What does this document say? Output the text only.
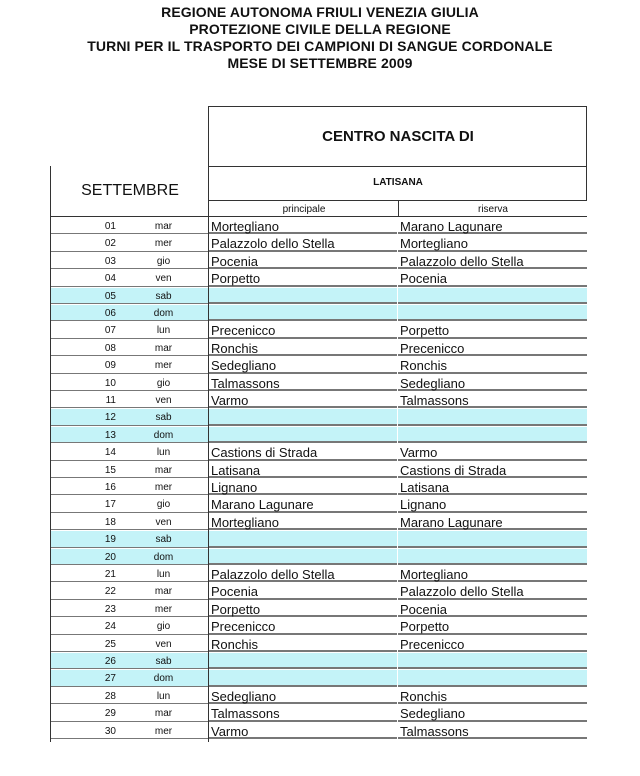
REGIONE AUTONOMA FRIULI VENEZIA GIULIA
PROTEZIONE CIVILE DELLA REGIONE
TURNI PER IL TRASPORTO DEI CAMPIONI DI SANGUE CORDONALE
MESE DI SETTEMBRE 2009
CENTRO NASCITA DI
SETTEMBRE	LATISANA
principale	riserva
01	mar	Mortegliano	Marano Lagunare
02	mer	Palazzolo dello Stella	Mortegliano
03	gio	Pocenia	Palazzolo dello Stella
04	ven	Porpetto	Pocenia
05	sab
06	dom
07	lun	Precenicco	Porpetto
08	mar	Ronchis	Precenicco
09	mer	Sedegliano	Ronchis
10	gio	Talmassons	Sedegliano
11	ven	Varmo	Talmassons
12	sab
13	dom
14	lun	Castions di Strada	Varmo
15	mar	Latisana	Castions di Strada
16	mer	Lignano	Latisana
17	gio	Marano Lagunare	Lignano
18	ven	Mortegliano	Marano Lagunare
19	sab
20	dom
21	lun	Palazzolo dello Stella	Mortegliano
22	mar	Pocenia	Palazzolo dello Stella
23	mer	Porpetto	Pocenia
24	gio	Precenicco	Porpetto
25	ven	Ronchis	Precenicco
26	sab
27	dom
28	lun	Sedegliano	Ronchis
29	mar	Talmassons	Sedegliano
30	mer	Varmo	Talmassons
